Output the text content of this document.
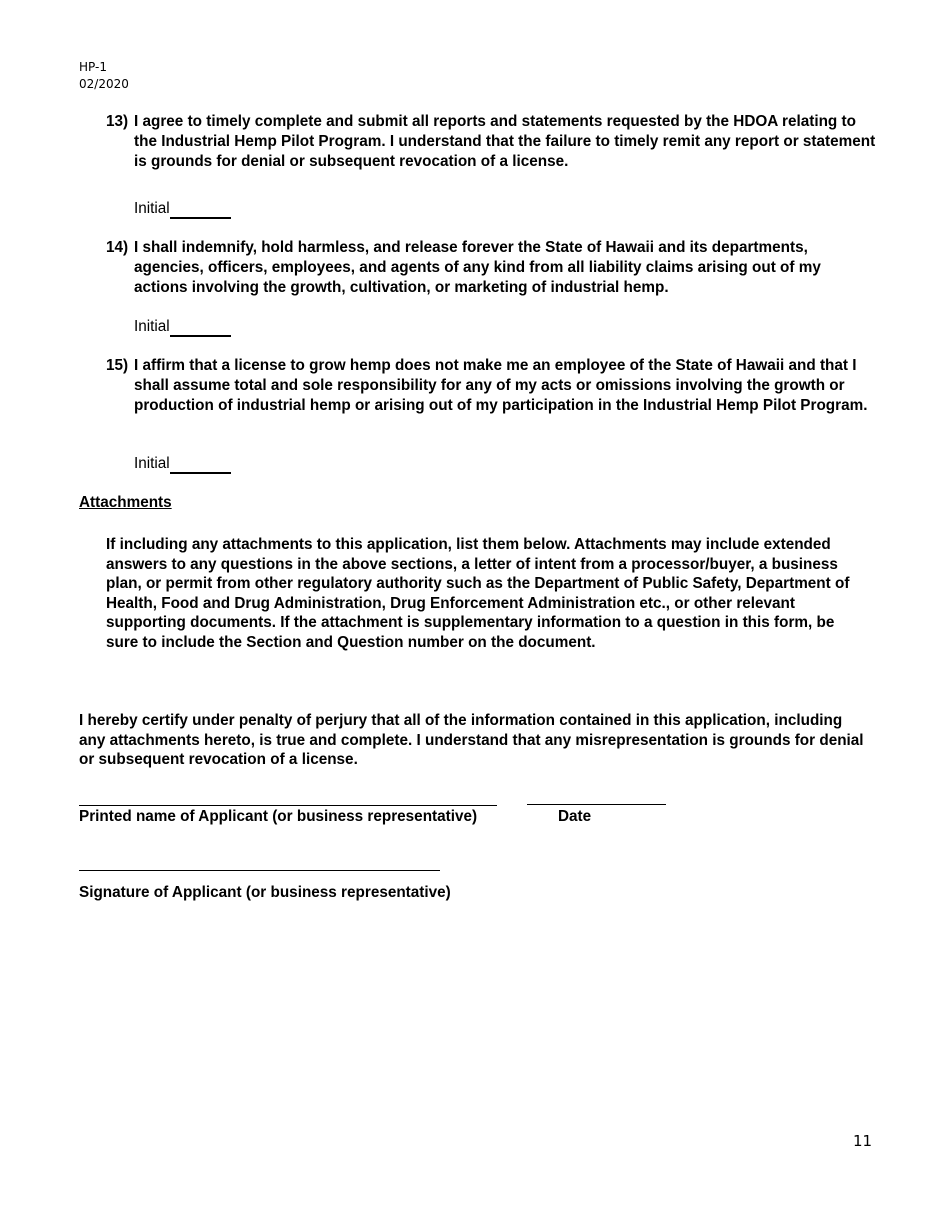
HP-1
02/2020
13) I agree to timely complete and submit all reports and statements requested by the HDOA relating to the Industrial Hemp Pilot Program. I understand that the failure to timely remit any report or statement is grounds for denial or subsequent revocation of a license.
Initial
14) I shall indemnify, hold harmless, and release forever the State of Hawaii and its departments, agencies, officers, employees, and agents of any kind from all liability claims arising out of my actions involving the growth, cultivation, or marketing of industrial hemp.
Initial
15) I affirm that a license to grow hemp does not make me an employee of the State of Hawaii and that I shall assume total and sole responsibility for any of my acts or omissions involving the growth or production of industrial hemp or arising out of my participation in the Industrial Hemp Pilot Program.
Initial
Attachments
If including any attachments to this application, list them below. Attachments may include extended answers to any questions in the above sections, a letter of intent from a processor/buyer, a business plan, or permit from other regulatory authority such as the Department of Public Safety, Department of Health, Food and Drug Administration, Drug Enforcement Administration etc., or other relevant supporting documents. If the attachment is supplementary information to a question in this form, be sure to include the Section and Question number on the document.
I hereby certify under penalty of perjury that all of the information contained in this application, including any attachments hereto, is true and complete. I understand that any misrepresentation is grounds for denial or subsequent revocation of a license.
Printed name of Applicant (or business representative)	Date
Signature of Applicant (or business representative)
11
